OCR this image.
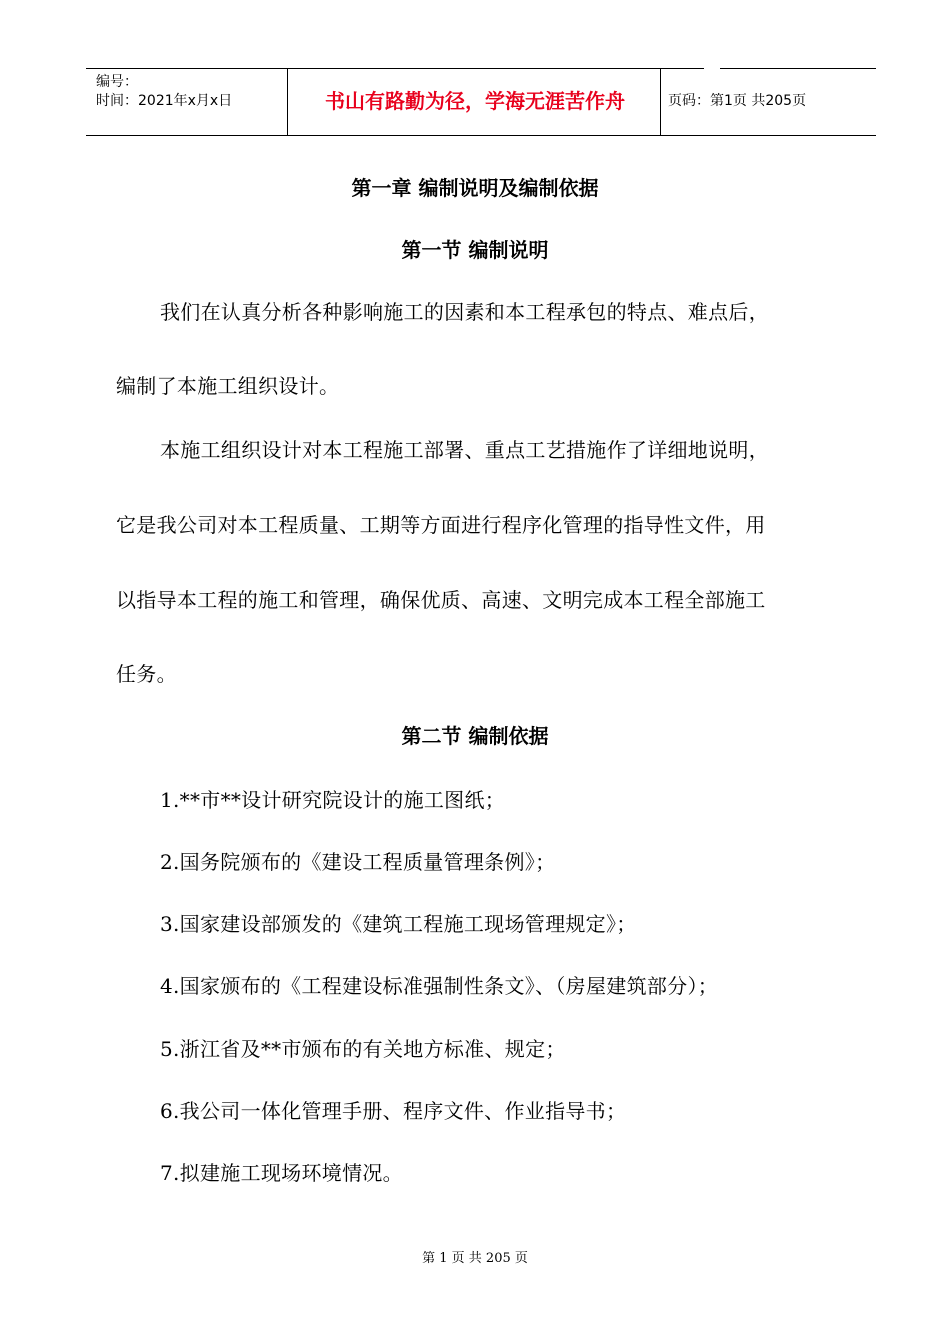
编号：
时间：2021年x月x日	书山有路勤为径，学海无涯苦作舟	页码：第1页 共205页
第一章 编制说明及编制依据
第一节 编制说明
我们在认真分析各种影响施工的因素和本工程承包的特点、难点后，
编制了本施工组织设计。
本施工组织设计对本工程施工部署、重点工艺措施作了详细地说明，
它是我公司对本工程质量、工期等方面进行程序化管理的指导性文件，用
以指导本工程的施工和管理，确保优质、高速、文明完成本工程全部施工
任务。
第二节 编制依据
1.**市**设计研究院设计的施工图纸；
2.国务院颁布的《建设工程质量管理条例》；
3.国家建设部颁发的《建筑工程施工现场管理规定》；
4.国家颁布的《工程建设标准强制性条文》、（房屋建筑部分）；
5.浙江省及**市颁布的有关地方标准、规定；
6.我公司一体化管理手册、程序文件、作业指导书；
7.拟建施工现场环境情况。
第 1 页 共 205 页
